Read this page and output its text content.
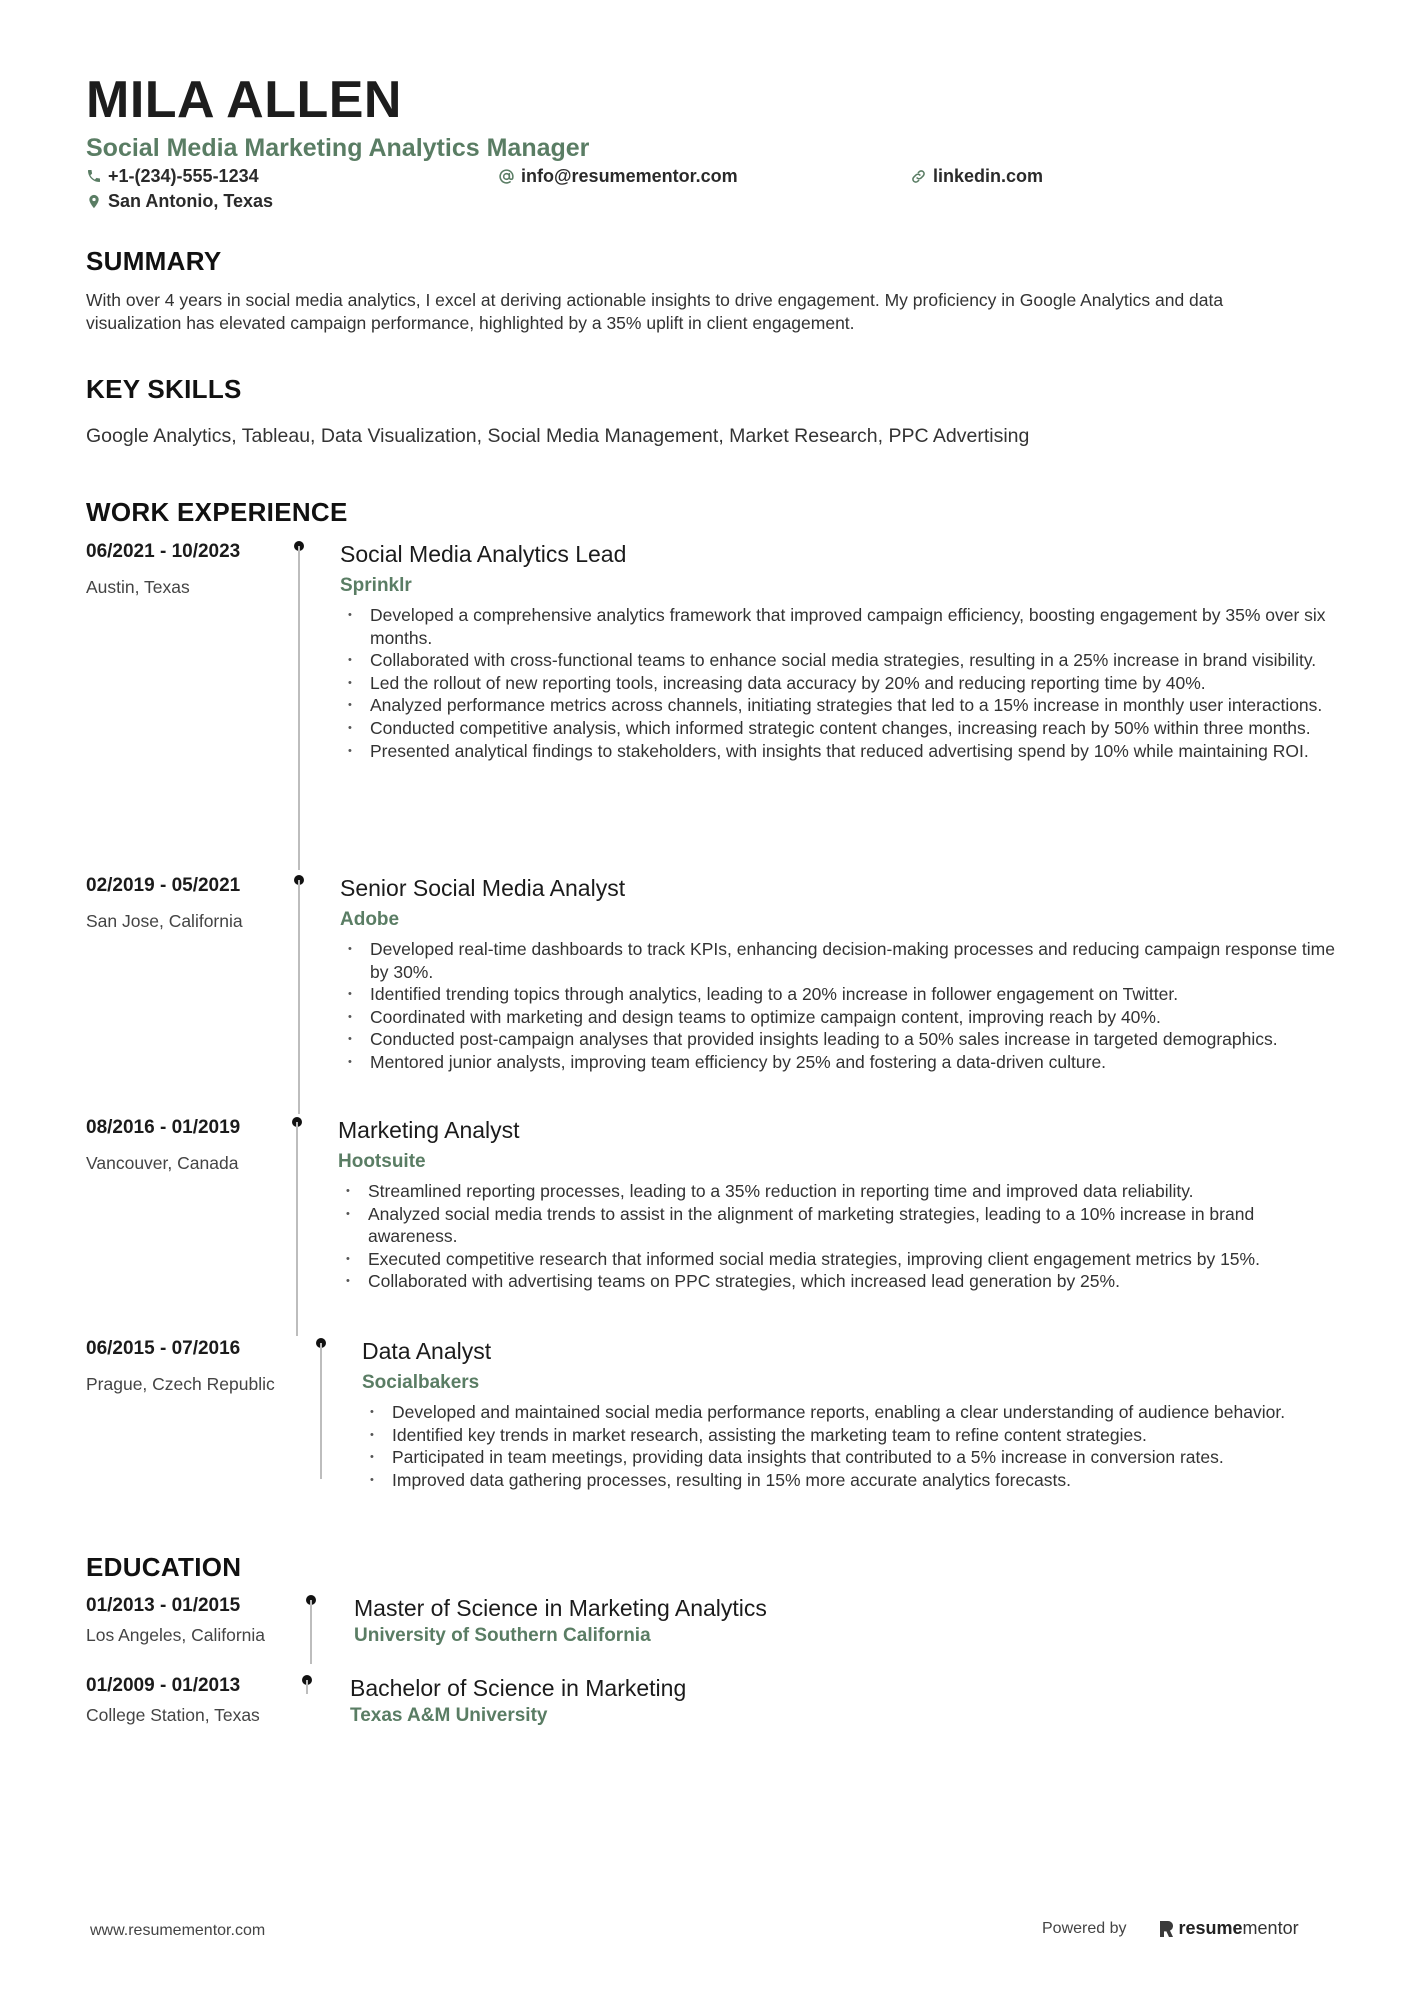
MILA ALLEN
Social Media Marketing Analytics Manager
+1-(234)-555-1234	info@resumementor.com	linkedin.com
San Antonio, Texas
SUMMARY
With over 4 years in social media analytics, I excel at deriving actionable insights to drive engagement. My proficiency in Google Analytics and data visualization has elevated campaign performance, highlighted by a 35% uplift in client engagement.
KEY SKILLS
Google Analytics, Tableau, Data Visualization, Social Media Management, Market Research, PPC Advertising
WORK EXPERIENCE
06/2021 - 10/2023
Austin, Texas
Social Media Analytics Lead
Sprinklr
• Developed a comprehensive analytics framework that improved campaign efficiency, boosting engagement by 35% over six months.
• Collaborated with cross-functional teams to enhance social media strategies, resulting in a 25% increase in brand visibility.
• Led the rollout of new reporting tools, increasing data accuracy by 20% and reducing reporting time by 40%.
• Analyzed performance metrics across channels, initiating strategies that led to a 15% increase in monthly user interactions.
• Conducted competitive analysis, which informed strategic content changes, increasing reach by 50% within three months.
• Presented analytical findings to stakeholders, with insights that reduced advertising spend by 10% while maintaining ROI.
02/2019 - 05/2021
San Jose, California
Senior Social Media Analyst
Adobe
• Developed real-time dashboards to track KPIs, enhancing decision-making processes and reducing campaign response time by 30%.
• Identified trending topics through analytics, leading to a 20% increase in follower engagement on Twitter.
• Coordinated with marketing and design teams to optimize campaign content, improving reach by 40%.
• Conducted post-campaign analyses that provided insights leading to a 50% sales increase in targeted demographics.
• Mentored junior analysts, improving team efficiency by 25% and fostering a data-driven culture.
08/2016 - 01/2019
Vancouver, Canada
Marketing Analyst
Hootsuite
• Streamlined reporting processes, leading to a 35% reduction in reporting time and improved data reliability.
• Analyzed social media trends to assist in the alignment of marketing strategies, leading to a 10% increase in brand awareness.
• Executed competitive research that informed social media strategies, improving client engagement metrics by 15%.
• Collaborated with advertising teams on PPC strategies, which increased lead generation by 25%.
06/2015 - 07/2016
Prague, Czech Republic
Data Analyst
Socialbakers
• Developed and maintained social media performance reports, enabling a clear understanding of audience behavior.
• Identified key trends in market research, assisting the marketing team to refine content strategies.
• Participated in team meetings, providing data insights that contributed to a 5% increase in conversion rates.
• Improved data gathering processes, resulting in 15% more accurate analytics forecasts.
EDUCATION
01/2013 - 01/2015
Los Angeles, California
Master of Science in Marketing Analytics
University of Southern California
01/2009 - 01/2013
College Station, Texas
Bachelor of Science in Marketing
Texas A&M University
www.resumementor.com	Powered by	resume mentor
